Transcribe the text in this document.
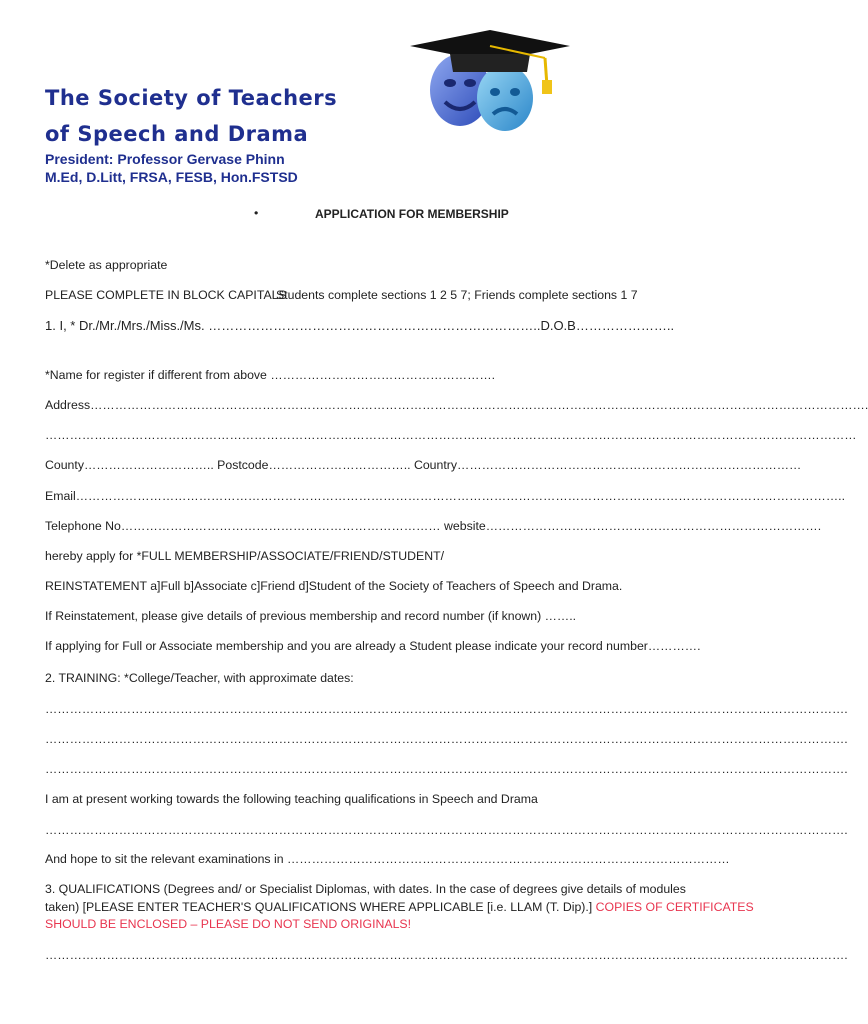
The Society of Teachers
of Speech and Drama
President: Professor Gervase Phinn
M.Ed, D.Litt, FRSA, FESB, Hon.FSTSD
•	APPLICATION FOR MEMBERSHIP
*Delete as appropriate
PLEASE COMPLETE IN BLOCK CAPITALS
Students complete sections 1 2 5 7; Friends complete sections 1 7
1. I, * Dr./Mr./Mrs./Miss./Ms. …………………………………………………………………..D.O.B…………………..
*Name for register if different from above ……………………………………………….
Address……………………………………………………………………………………………………………………………………………………………………….
………………………………………………………………………………………………………………………………………………………………………………
County………………………….. Postcode…………………………….. Country…………………………………………………………………………
Email……………………………………………………………………………………………………………………………………………………………………..
Telephone No…………………………………………………………………… website……………………………………………………………………….
hereby apply for *FULL MEMBERSHIP/ASSOCIATE/FRIEND/STUDENT/
REINSTATEMENT a]Full b]Associate c]Friend d]Student of the Society of Teachers of Speech and Drama.
If Reinstatement, please give details of previous membership and record number (if known) ……..
If applying for Full or Associate membership and you are already a Student please indicate your record number………….
2. TRAINING: *College/Teacher, with approximate dates:
…………………………………………………………………………………………………………………………………………………………………………….
…………………………………………………………………………………………………………………………………………………………………………….
…………………………………………………………………………………………………………………………………………………………………………….
I am at present working towards the following teaching qualifications in Speech and Drama
…………………………………………………………………………………………………………………………………………………………………………….
And hope to sit the relevant examinations in ………………………………………………………………………………………………
3. QUALIFICATIONS (Degrees and/ or Specialist Diplomas, with dates. In the case of degrees give details of modules
taken) [PLEASE ENTER TEACHER'S QUALIFICATIONS WHERE APPLICABLE [i.e. LLAM (T. Dip).] COPIES OF CERTIFICATES
SHOULD BE ENCLOSED – PLEASE DO NOT SEND ORIGINALS!
…………………………………………………………………………………………………………………………………………………………………………….
